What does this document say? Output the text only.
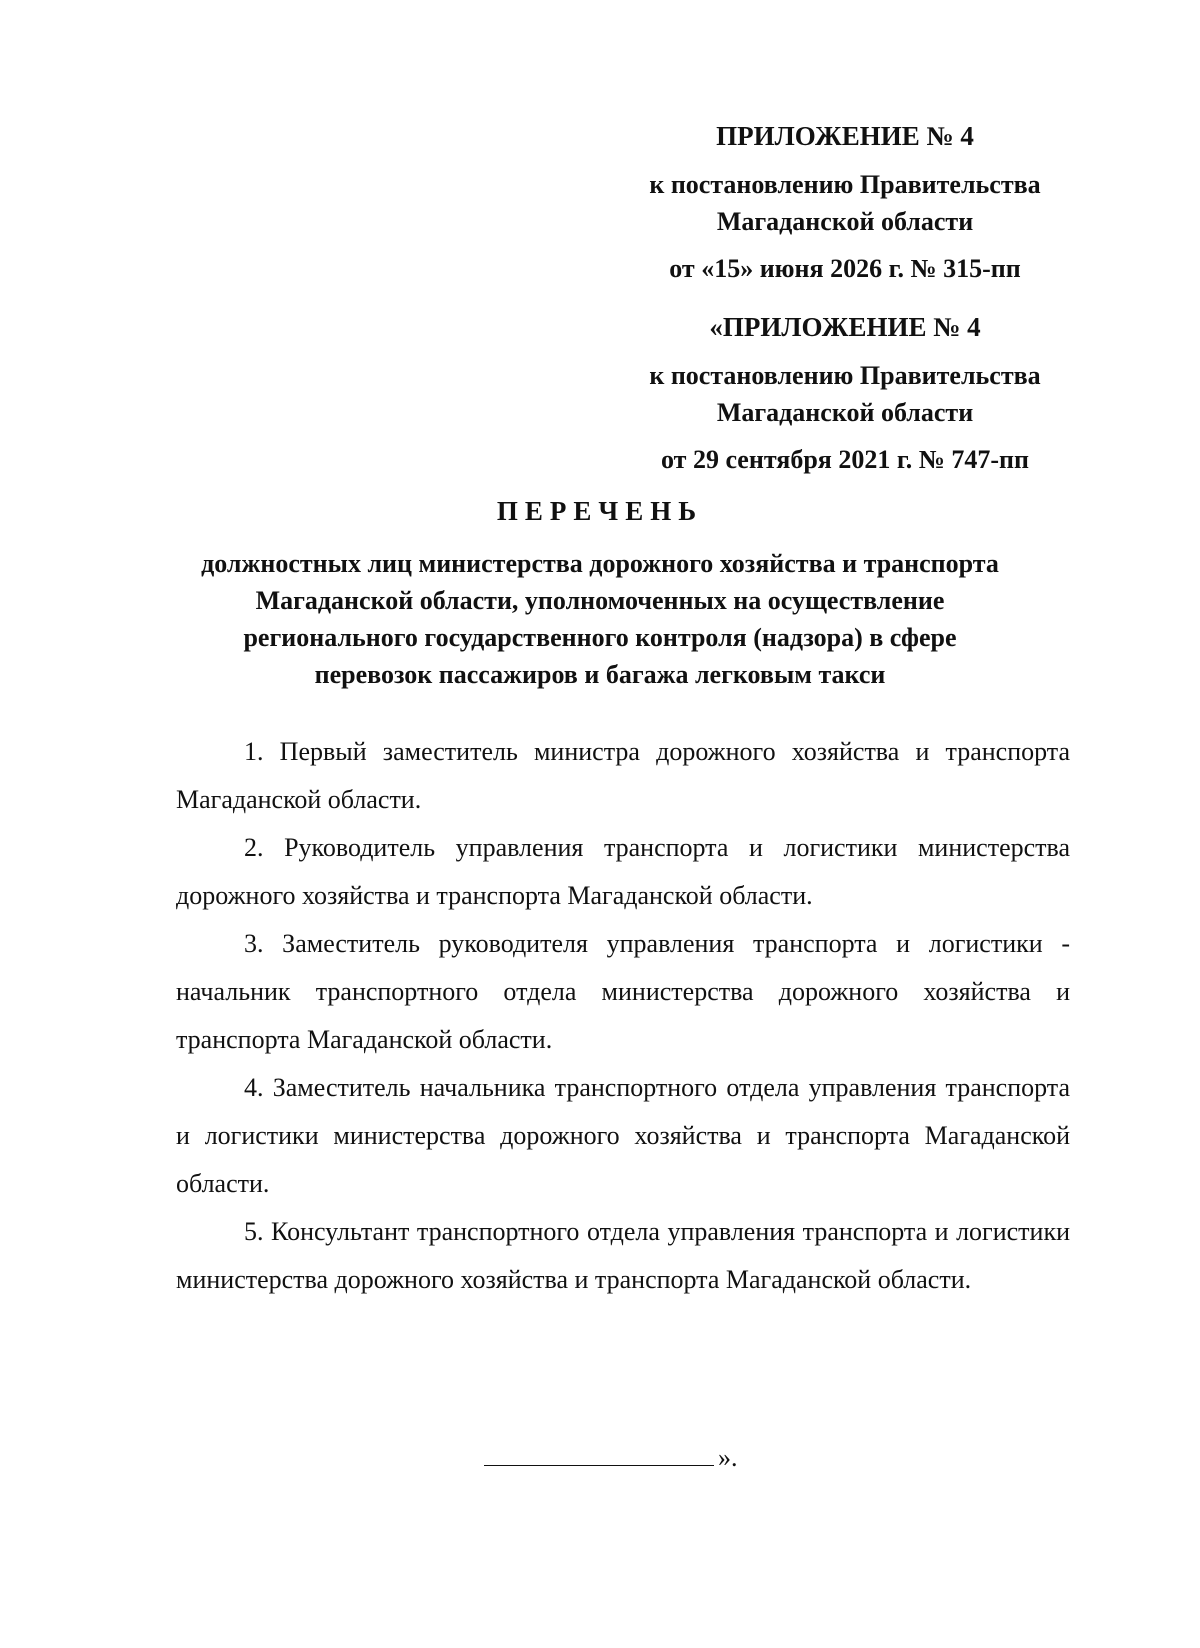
ПРИЛОЖЕНИЕ № 4
к постановлению Правительства
Магаданской области
от «15» июня 2026 г. № 315-пп
«ПРИЛОЖЕНИЕ № 4
к постановлению Правительства
Магаданской области
от 29 сентября 2021 г. № 747-пп
ПЕРЕЧЕНЬ
должностных лиц министерства дорожного хозяйства и транспорта
Магаданской области, уполномоченных на осуществление
регионального государственного контроля (надзора) в сфере
перевозок пассажиров и багажа легковым такси

1. Первый заместитель министра дорожного хозяйства и транспорта Магаданской области.

2. Руководитель управления транспорта и логистики министерства дорожного хозяйства и транспорта Магаданской области.

3. Заместитель руководителя управления транспорта и логистики - начальник транспортного отдела министерства дорожного хозяйства и транспорта Магаданской области.

4. Заместитель начальника транспортного отдела управления транспорта и логистики министерства дорожного хозяйства и транспорта Магаданской области.

5. Консультант транспортного отдела управления транспорта и логистики министерства дорожного хозяйства и транспорта Магаданской области.

».
